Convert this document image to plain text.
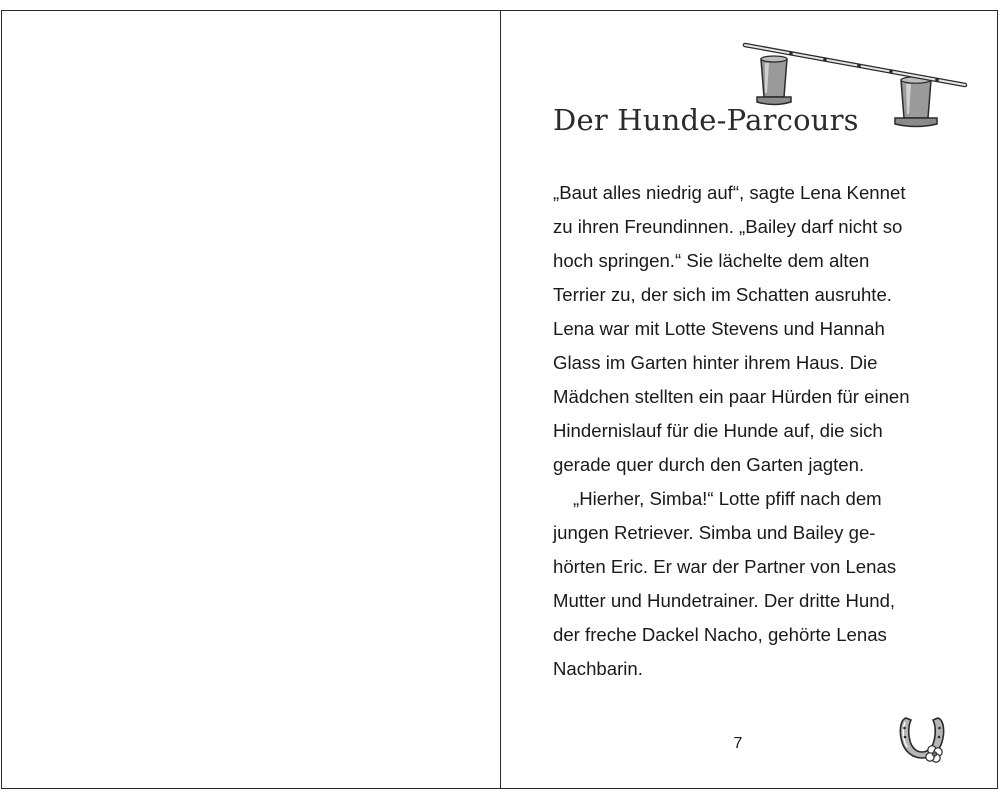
Der Hunde-Parcours

„Baut alles niedrig auf“, sagte Lena Kennet
zu ihren Freundinnen. „Bailey darf nicht so
hoch springen.“ Sie lächelte dem alten
Terrier zu, der sich im Schatten ausruhte.
Lena war mit Lotte Stevens und Hannah
Glass im Garten hinter ihrem Haus. Die
Mädchen stellten ein paar Hürden für einen
Hindernislauf für die Hunde auf, die sich
gerade quer durch den Garten jagten.

„Hierher, Simba!“ Lotte pfiff nach dem
jungen Retriever. Simba und Bailey ge-
hörten Eric. Er war der Partner von Lenas
Mutter und Hundetrainer. Der dritte Hund,
der freche Dackel Nacho, gehörte Lenas
Nachbarin.

7
